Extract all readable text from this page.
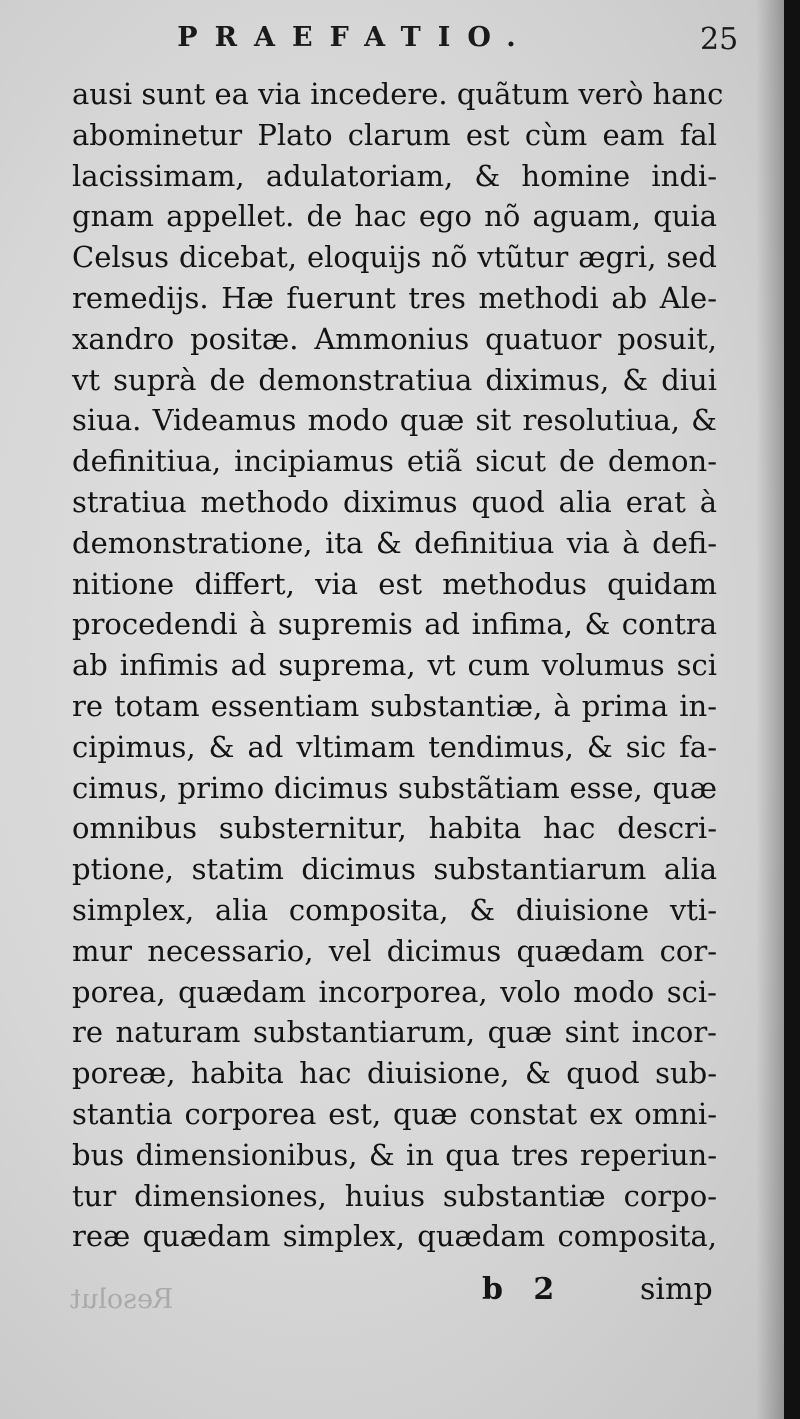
PRAEFATIO.	25
ausi sunt ea via incedere. quãtum verò hanc
abominetur Plato clarum est cùm eam fal
lacissimam, adulatoriam, & homine indi-
gnam appellet. de hac ego nõ aguam, quia
Celsus dicebat, eloquijs nõ vtũtur ægri, sed
remedijs. Hæ fuerunt tres methodi ab Ale-
xandro positæ. Ammonius quatuor posuit,
vt suprà de demonstratiua diximus, & diui
siua. Videamus modo quæ sit resolutiua, &
definitiua, incipiamus etiã sicut de demon-
stratiua methodo diximus quod alia erat à
demonstratione, ita & definitiua via à defi-
nitione differt, via est methodus quidam
procedendi à supremis ad infima, & contra
ab infimis ad suprema, vt cum volumus sci
re totam essentiam substantiæ, à prima in-
cipimus, & ad vltimam tendimus, & sic fa-
cimus, primo dicimus substãtiam esse, quæ
omnibus substernitur, habita hac descri-
ptione, statim dicimus substantiarum alia
simplex, alia composita, & diuisione vti-
mur necessario, vel dicimus quædam cor-
porea, quædam incorporea, volo modo sci-
re naturam substantiarum, quæ sint incor-
poreæ, habita hac diuisione, & quod sub-
stantia corporea est, quæ constat ex omni-
bus dimensionibus, & in qua tres reperiun-
tur dimensiones, huius substantiæ corpo-
reæ quædam simplex, quædam composita,
Resolut	b 2	simp
